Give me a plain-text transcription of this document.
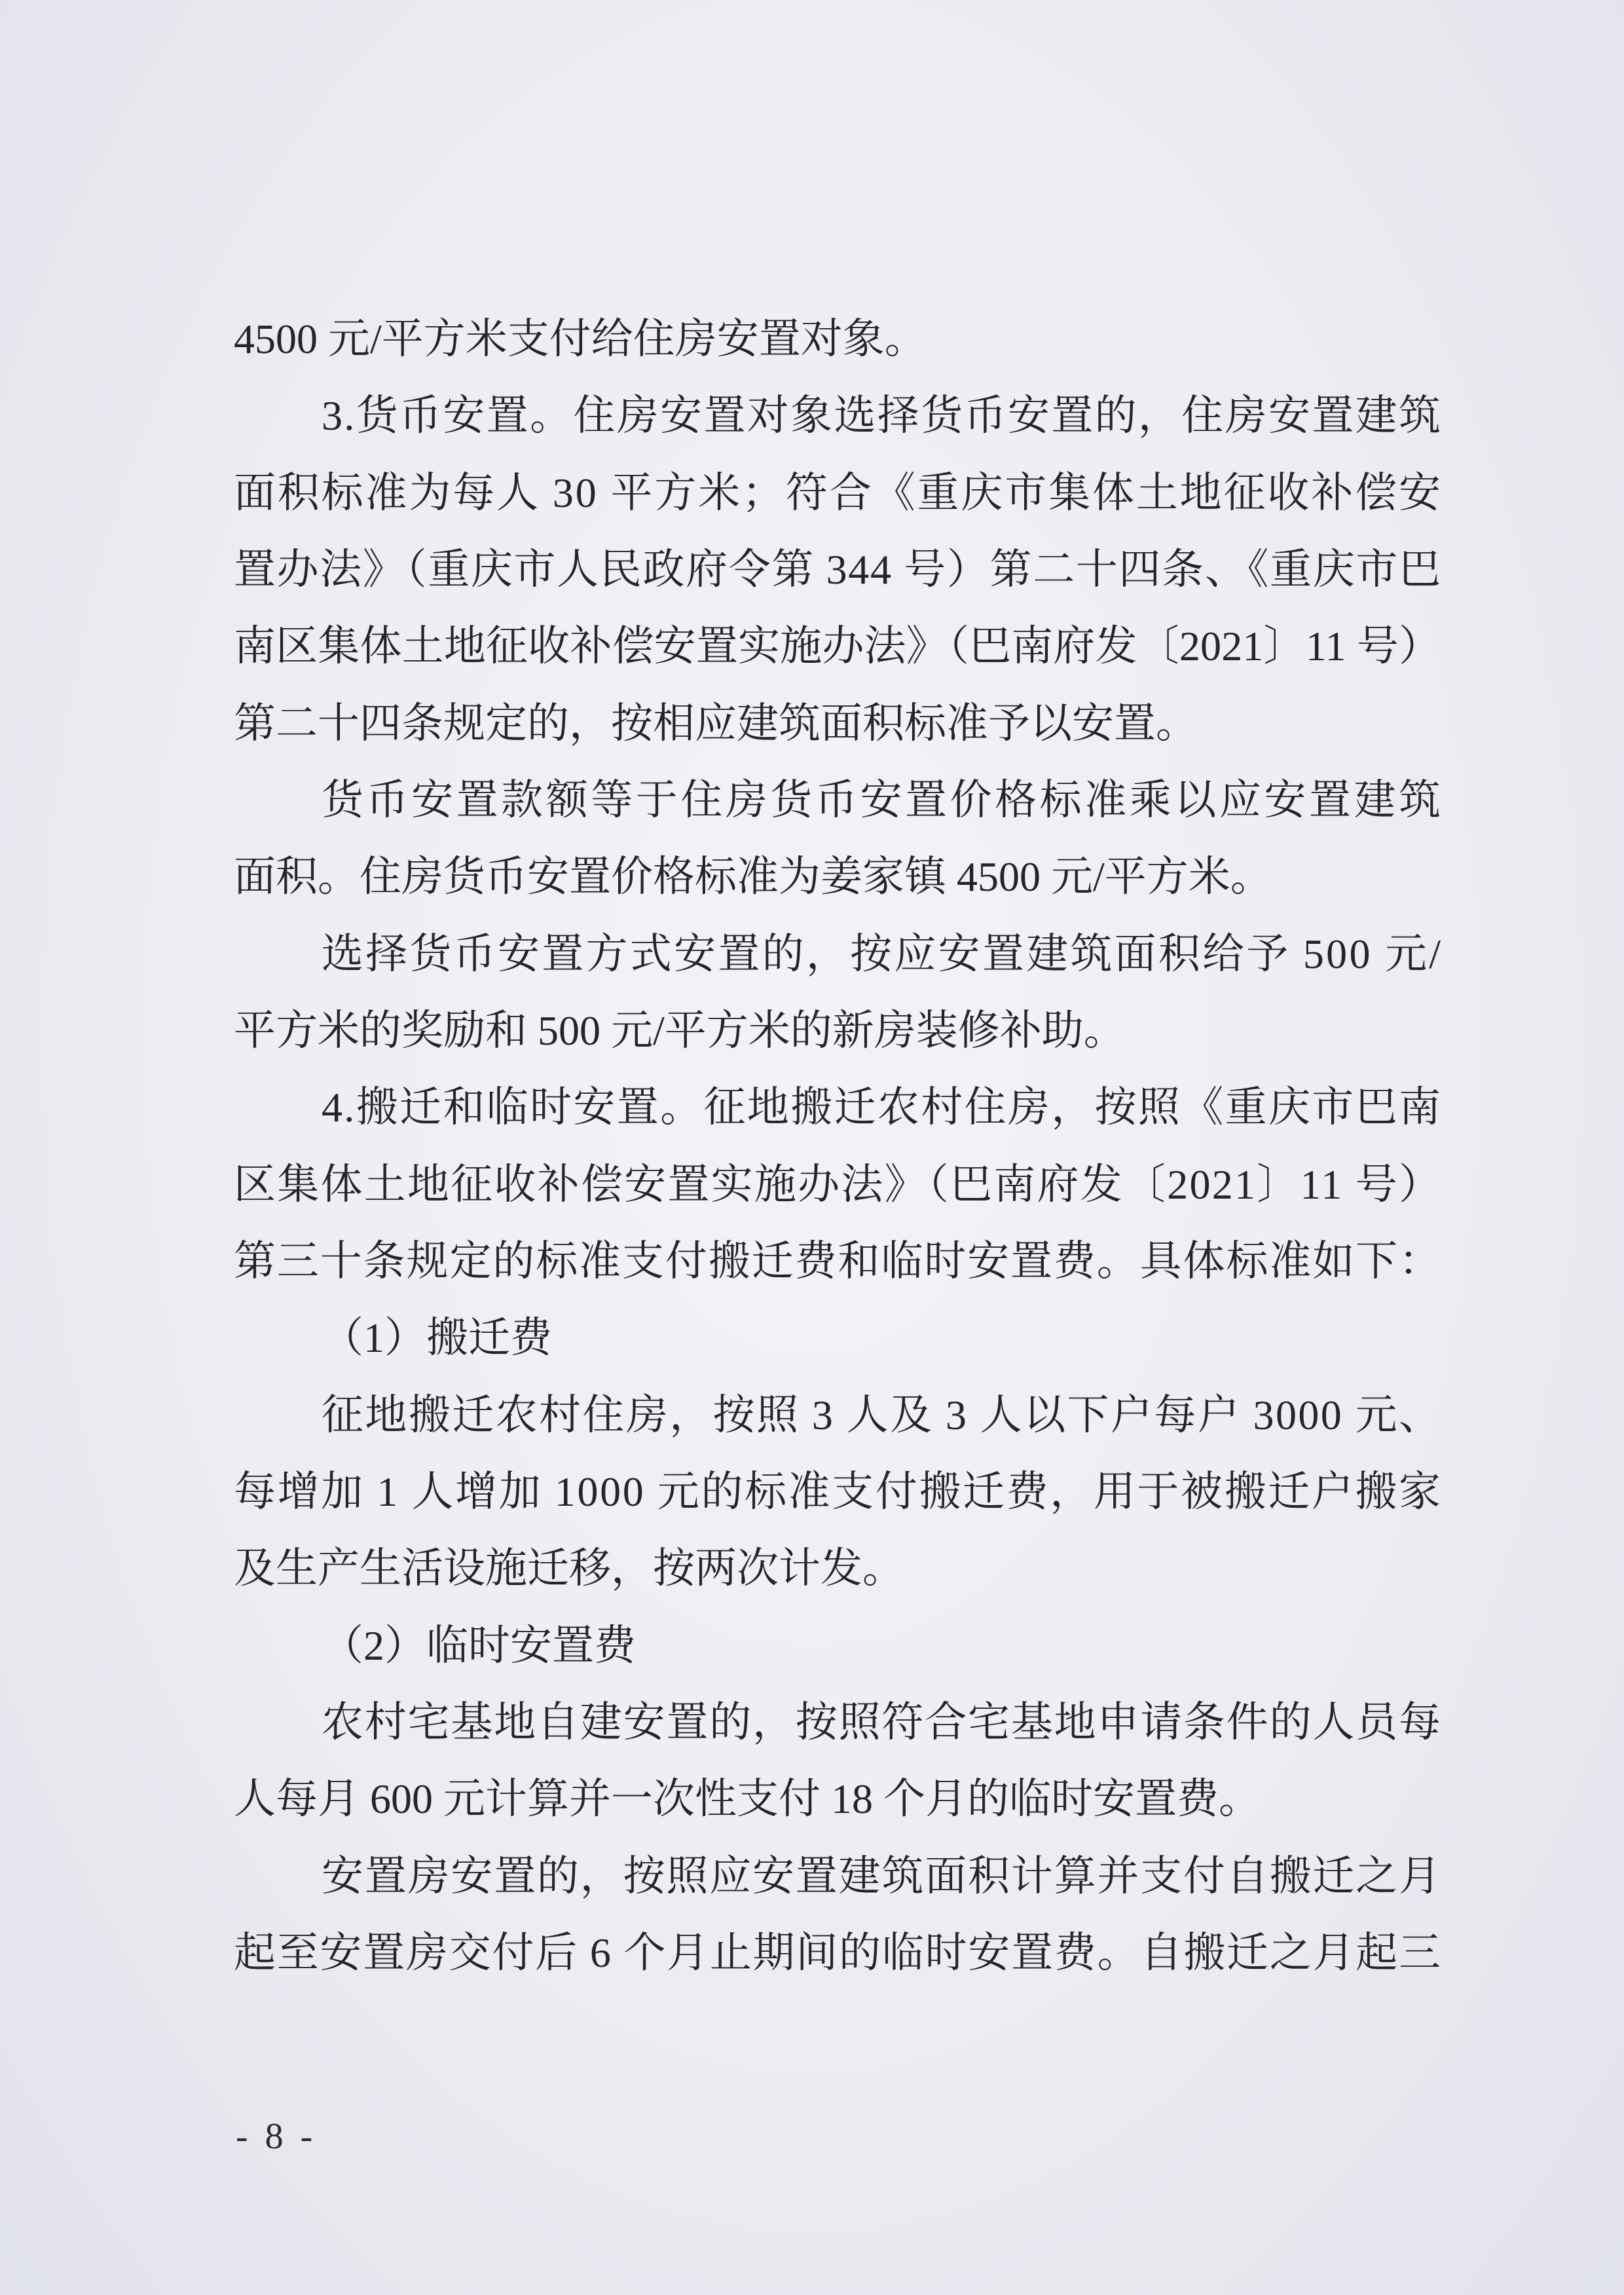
4500 元/平方米支付给住房安置对象。
3.货币安置。住房安置对象选择货币安置的，住房安置建筑
面积标准为每人 30 平方米；符合《重庆市集体土地征收补偿安
置办法》（重庆市人民政府令第 344 号）第二十四条、《重庆市巴
南区集体土地征收补偿安置实施办法》（巴南府发〔2021〕11 号）
第二十四条规定的，按相应建筑面积标准予以安置。
货币安置款额等于住房货币安置价格标准乘以应安置建筑
面积。住房货币安置价格标准为姜家镇 4500 元/平方米。
选择货币安置方式安置的，按应安置建筑面积给予 500 元/
平方米的奖励和 500 元/平方米的新房装修补助。
4.搬迁和临时安置。征地搬迁农村住房，按照《重庆市巴南
区集体土地征收补偿安置实施办法》（巴南府发〔2021〕11 号）
第三十条规定的标准支付搬迁费和临时安置费。具体标准如下：
（1）搬迁费
征地搬迁农村住房，按照 3 人及 3 人以下户每户 3000 元、
每增加 1 人增加 1000 元的标准支付搬迁费，用于被搬迁户搬家
及生产生活设施迁移，按两次计发。
（2）临时安置费
农村宅基地自建安置的，按照符合宅基地申请条件的人员每
人每月 600 元计算并一次性支付 18 个月的临时安置费。
安置房安置的，按照应安置建筑面积计算并支付自搬迁之月
起至安置房交付后 6 个月止期间的临时安置费。自搬迁之月起三
- 8 -
